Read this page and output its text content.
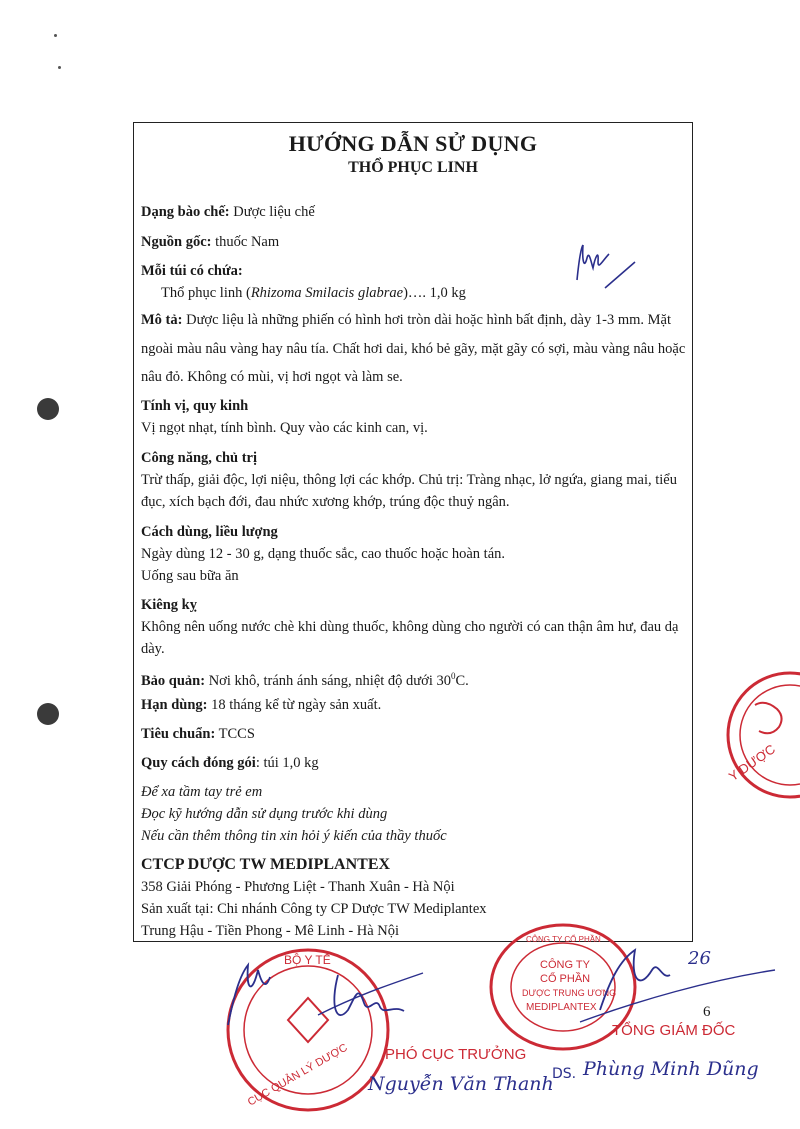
HƯỚNG DẪN SỬ DỤNG
THỔ PHỤC LINH
Dạng bào chế: Dược liệu chế
Nguồn gốc: thuốc Nam
Mỗi túi có chứa:
Thổ phục linh (Rhizoma Smilacis glabrae)…. 1,0 kg
Mô tả: Dược liệu là những phiến có hình hơi tròn dài hoặc hình bất định, dày 1-3 mm. Mặt ngoài màu nâu vàng hay nâu tía. Chất hơi dai, khó bẻ gãy, mặt gãy có sợi, màu vàng nâu hoặc nâu đỏ. Không có mùi, vị hơi ngọt và làm se.
Tính vị, quy kinh
Vị ngọt nhạt, tính bình. Quy vào các kinh can, vị.
Công năng, chủ trị
Trừ thấp, giải độc, lợi niệu, thông lợi các khớp. Chủ trị: Tràng nhạc, lở ngứa, giang mai, tiểu đục, xích bạch đới, đau nhức xương khớp, trúng độc thuỷ ngân.
Cách dùng, liều lượng
Ngày dùng 12 - 30 g, dạng thuốc sắc, cao thuốc hoặc hoàn tán.
Uống sau bữa ăn
Kiêng kỵ
Không nên uống nước chè khi dùng thuốc, không dùng cho người có can thận âm hư, đau dạ dày.
Bảo quản: Nơi khô, tránh ánh sáng, nhiệt độ dưới $30^0C$.
Hạn dùng: 18 tháng kể từ ngày sản xuất.
Tiêu chuẩn: TCCS
Quy cách đóng gói: túi 1,0 kg
Để xa tầm tay trẻ em
Đọc kỹ hướng dẫn sử dụng trước khi dùng
Nếu cần thêm thông tin xin hỏi ý kiến của thầy thuốc
CTCP DƯỢC TW MEDIPLANTEX
358 Giải Phóng - Phương Liệt - Thanh Xuân - Hà Nội
Sản xuất tại: Chi nhánh Công ty CP Dược TW Mediplantex
Trung Hậu - Tiền Phong - Mê Linh - Hà Nội
Y DƯỢC
BỘ Y TẾ
CỤC QUẢN LÝ DƯỢC
CÔNG TY CỔ PHẦN
CÔNG TY
CỔ PHẦN
DƯỢC TRUNG ƯƠNG
MEDIPLANTEX	6
26
PHÓ CỤC TRƯỞNG
Nguyễn Văn Thanh
TỔNG GIÁM ĐỐC
DS. Phùng Minh Dũng
